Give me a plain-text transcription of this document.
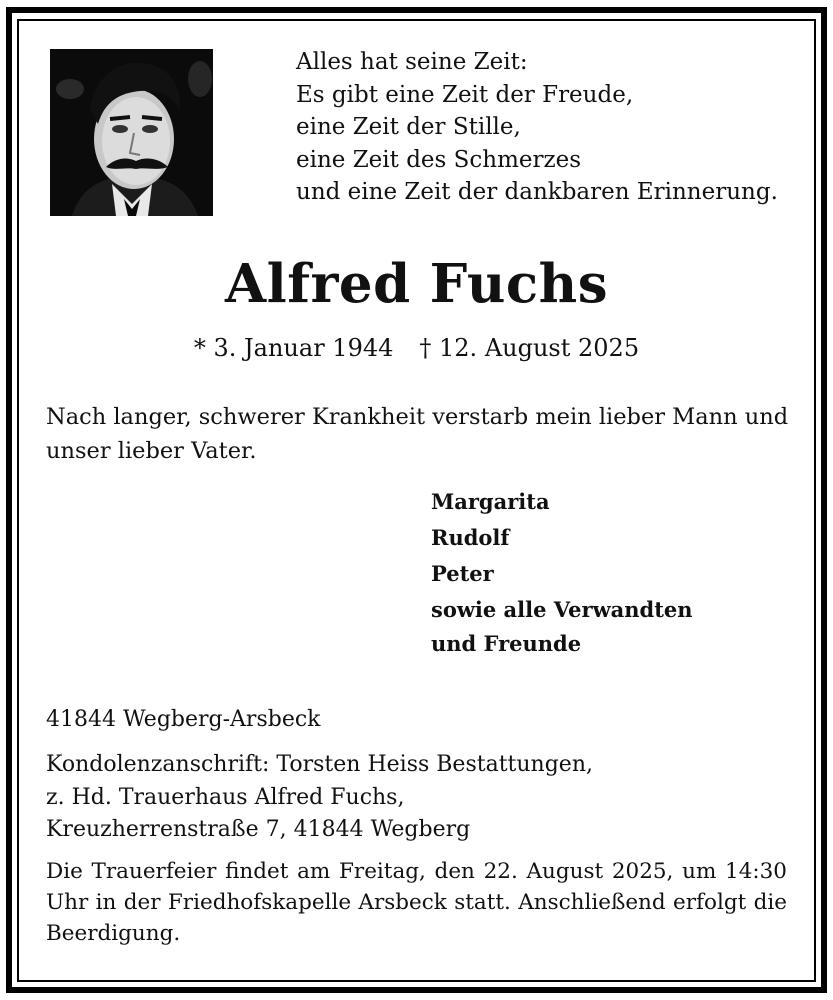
Alles hat seine Zeit:
Es gibt eine Zeit der Freude,
eine Zeit der Stille,
eine Zeit des Schmerzes
und eine Zeit der dankbaren Erinnerung.
Alfred Fuchs
* 3. Januar 1944 † 12. August 2025
Nach langer, schwerer Krankheit verstarb mein lieber Mann und unser lieber Vater.
Margarita
Rudolf
Peter
sowie alle Verwandten
und Freunde
41844 Wegberg-Arsbeck
Kondolenzanschrift: Torsten Heiss Bestattungen,
z. Hd. Trauerhaus Alfred Fuchs,
Kreuzherrenstraße 7, 41844 Wegberg
Die Trauerfeier findet am Freitag, den 22. August 2025, um 14:30 Uhr in der Friedhofskapelle Arsbeck statt. Anschließend erfolgt die Beerdigung.
